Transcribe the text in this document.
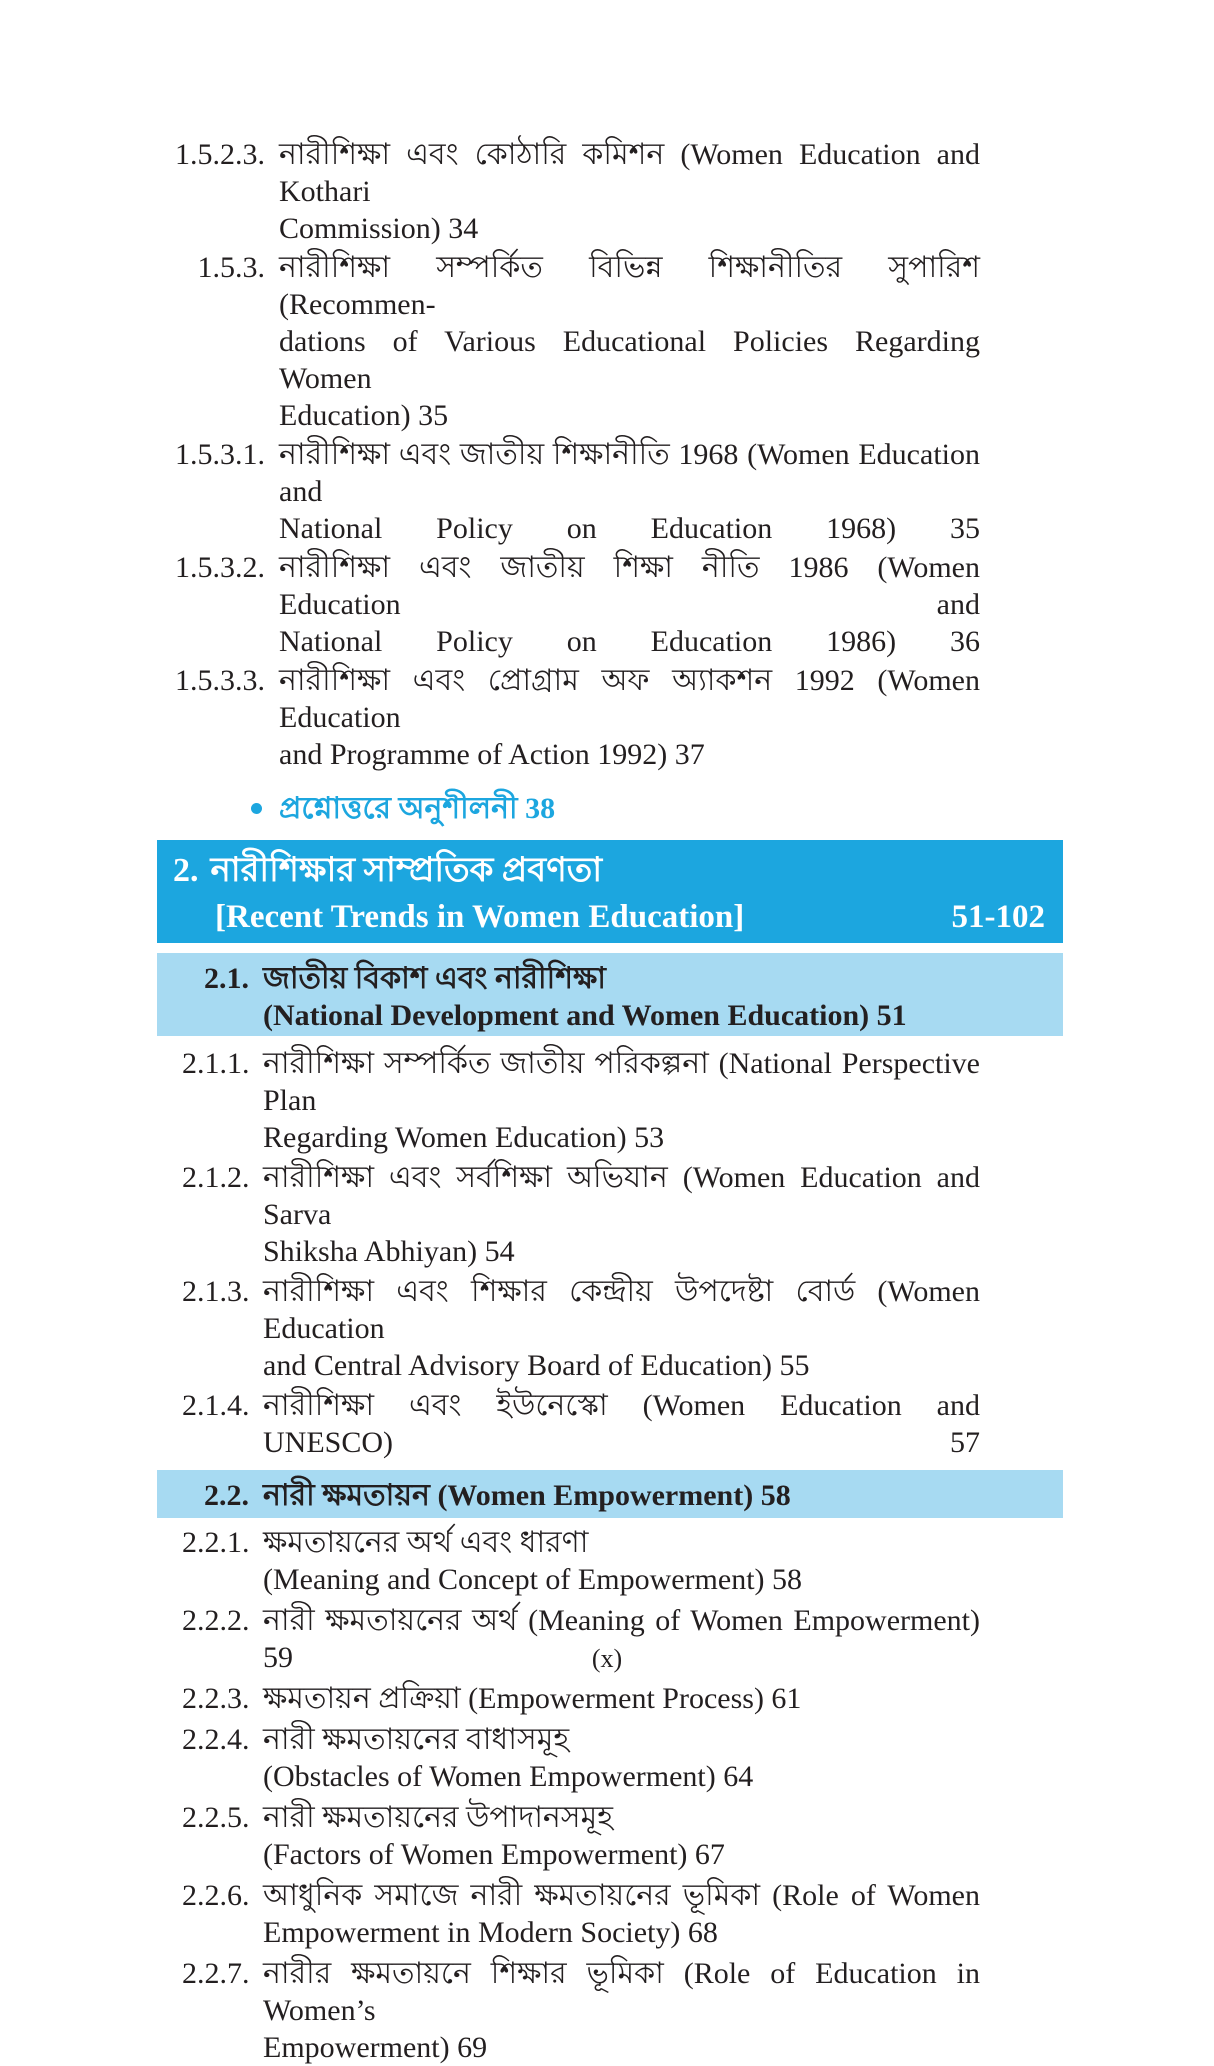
1.5.2.3. নারীশিক্ষা এবং কোঠারি কমিশন (Women Education and Kothari
Commission) 34
1.5.3. নারীশিক্ষা সম্পর্কিত বিভিন্ন শিক্ষানীতির সুপারিশ (Recommen-
dations of Various Educational Policies Regarding Women
Education) 35
1.5.3.1. নারীশিক্ষা এবং জাতীয় শিক্ষানীতি 1968 (Women Education and
National Policy on Education 1968) 35
1.5.3.2. নারীশিক্ষা এবং জাতীয় শিক্ষা নীতি 1986 (Women Education and
National Policy on Education 1986) 36
1.5.3.3. নারীশিক্ষা এবং প্রোগ্রাম অফ অ্যাকশন 1992 (Women Education
and Programme of Action 1992) 37
প্রশ্নোত্তরে অনুশীলনী 38
2. নারীশিক্ষার সাম্প্রতিক প্রবণতা
[Recent Trends in Women Education]	51-102
2.1. জাতীয় বিকাশ এবং নারীশিক্ষা
(National Development and Women Education) 51
2.1.1. নারীশিক্ষা সম্পর্কিত জাতীয় পরিকল্পনা (National Perspective Plan
Regarding Women Education) 53
2.1.2. নারীশিক্ষা এবং সর্বশিক্ষা অভিযান (Women Education and Sarva
Shiksha Abhiyan) 54
2.1.3. নারীশিক্ষা এবং শিক্ষার কেন্দ্রীয় উপদেষ্টা বোর্ড (Women Education
and Central Advisory Board of Education) 55
2.1.4. নারীশিক্ষা এবং ইউনেস্কো (Women Education and UNESCO) 57
2.2. নারী ক্ষমতায়ন (Women Empowerment) 58
2.2.1. ক্ষমতায়নের অর্থ এবং ধারণা
(Meaning and Concept of Empowerment) 58
2.2.2. নারী ক্ষমতায়নের অর্থ (Meaning of Women Empowerment) 59
2.2.3. ক্ষমতায়ন প্রক্রিয়া (Empowerment Process) 61
2.2.4. নারী ক্ষমতায়নের বাধাসমূহ
(Obstacles of Women Empowerment) 64
2.2.5. নারী ক্ষমতায়নের উপাদানসমূহ
(Factors of Women Empowerment) 67
2.2.6. আধুনিক সমাজে নারী ক্ষমতায়নের ভূমিকা (Role of Women
Empowerment in Modern Society) 68
2.2.7. নারীর ক্ষমতায়নে শিক্ষার ভূমিকা (Role of Education in Women’s
Empowerment) 69
(x)
